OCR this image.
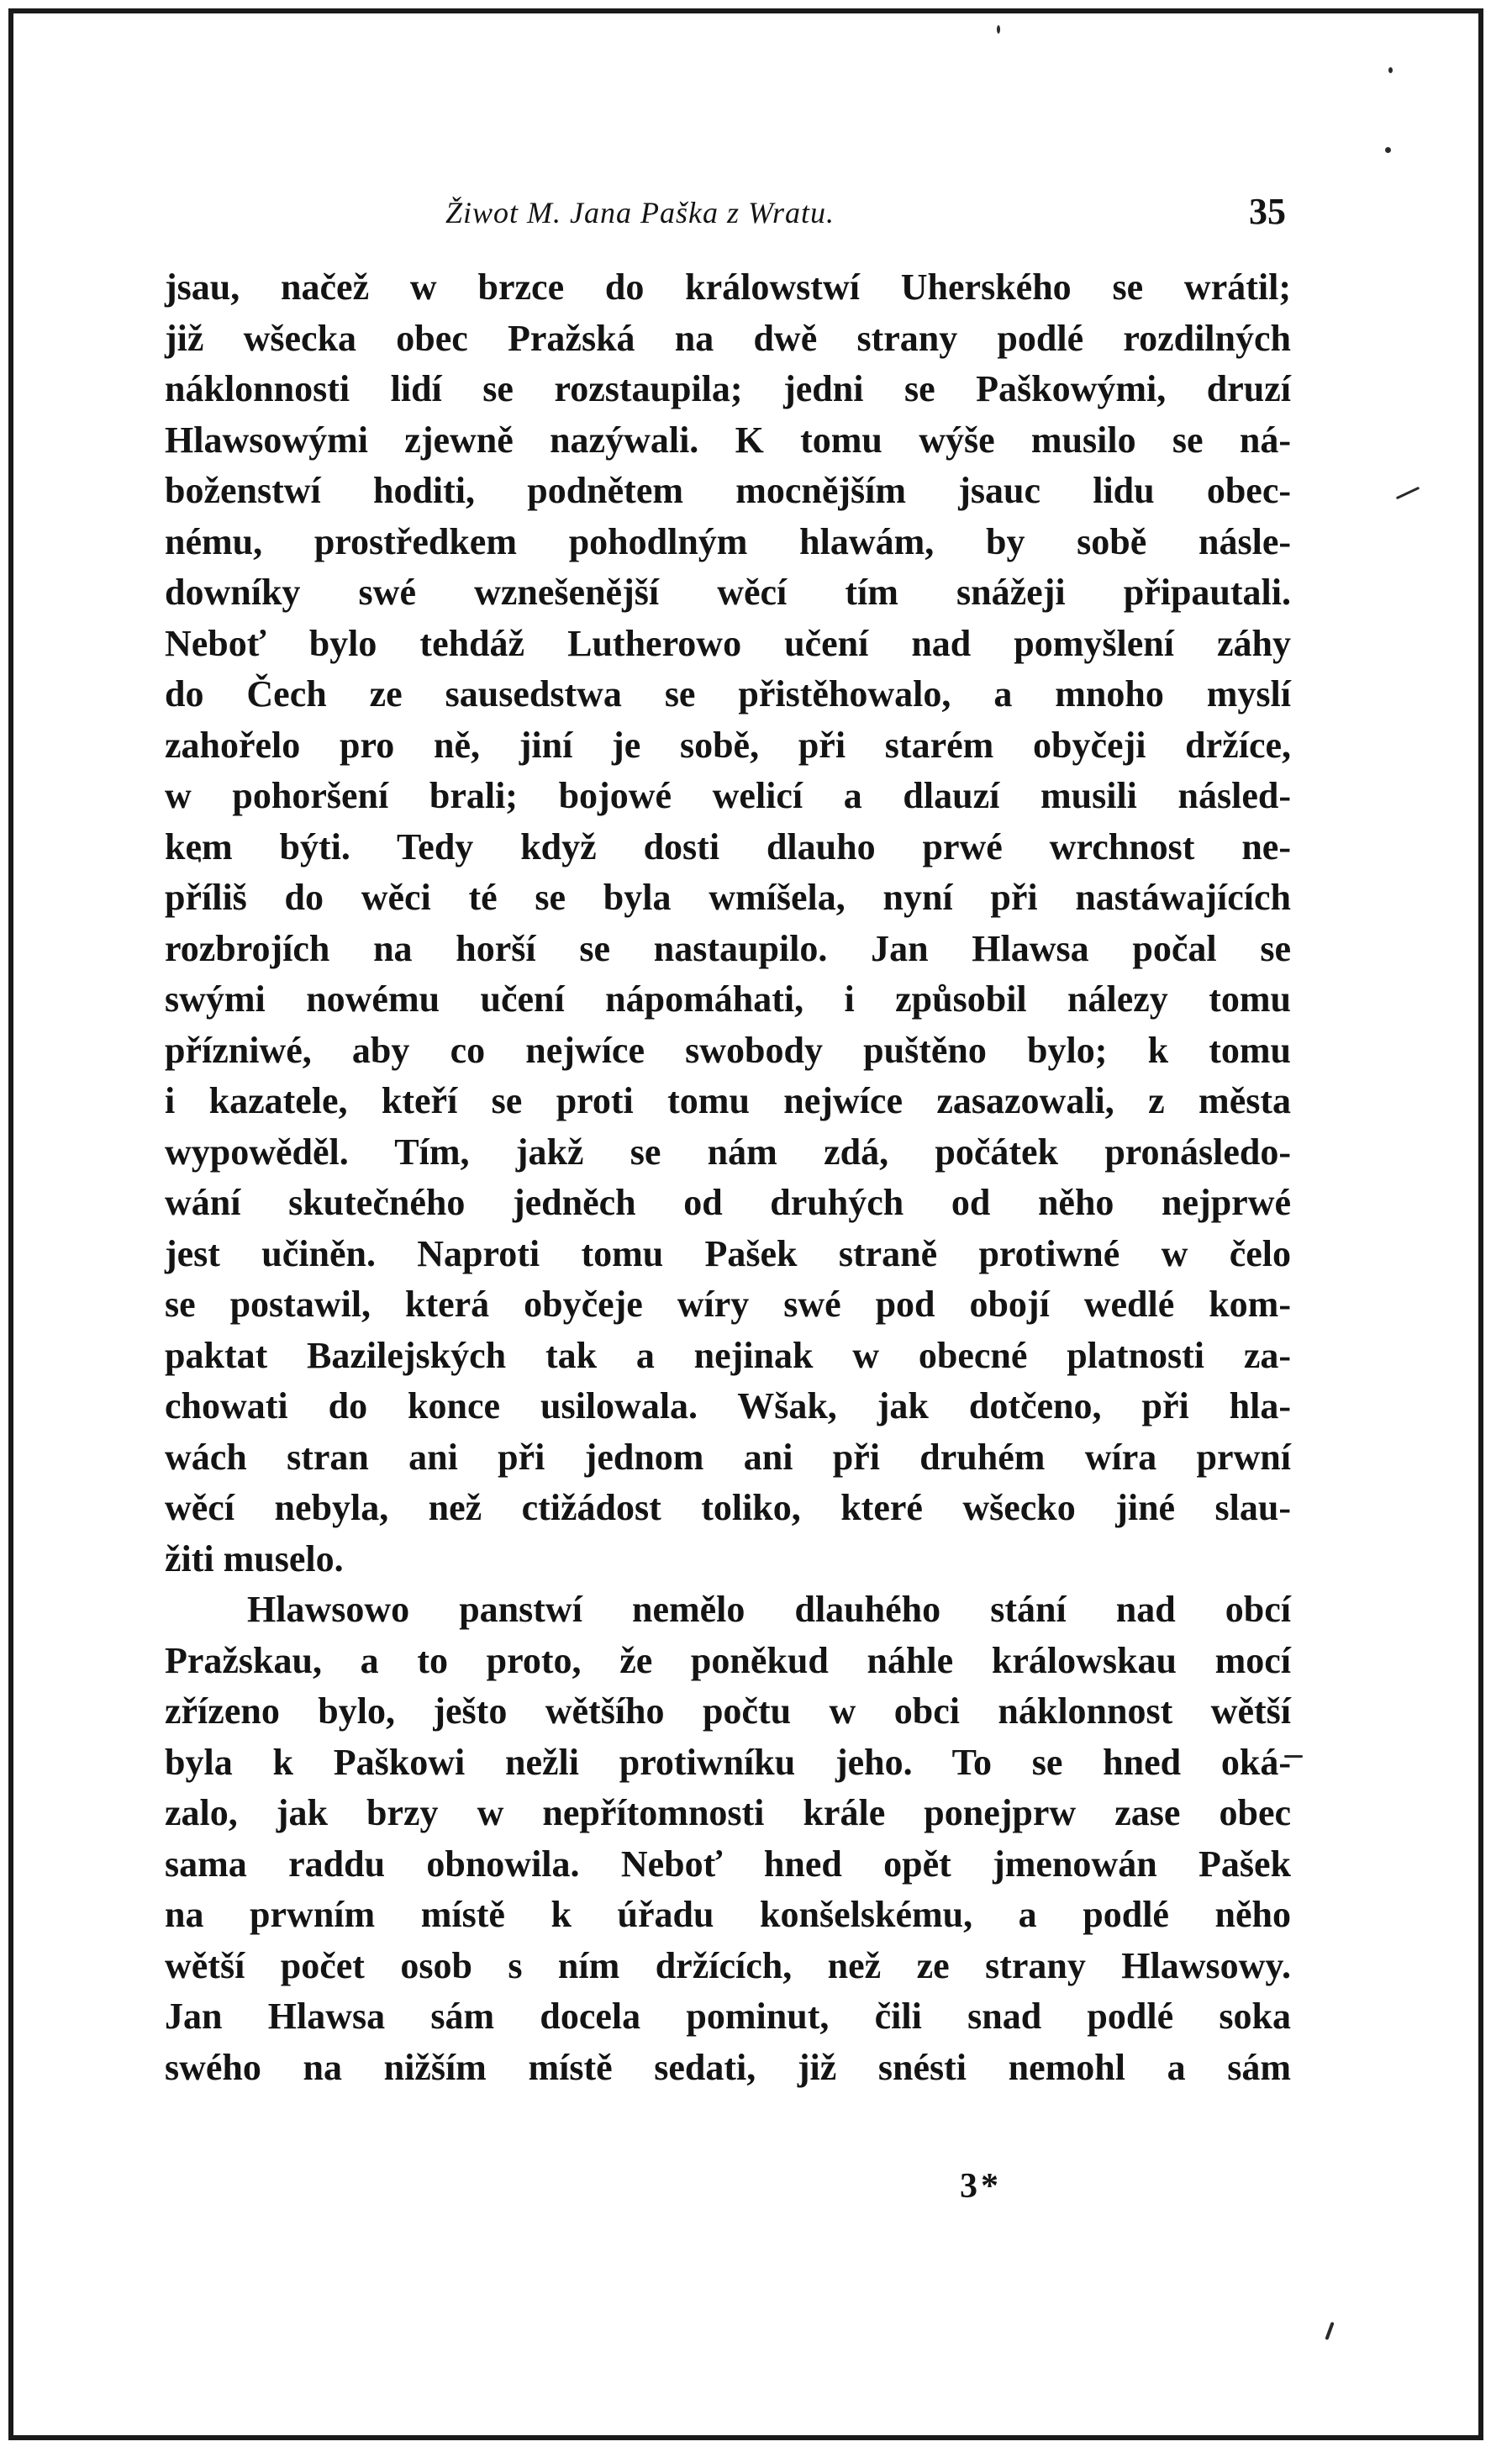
Žiwot M. Jana Paška z Wratu.	35
jsau, načež w brzce do králowstwí Uherského se wrátil;
již wšecka obec Pražská na dwě strany podlé rozdilných
náklonnosti lidí se rozstaupila; jedni se Paškowými, druzí
Hlawsowými zjewně nazýwali. K tomu wýše musilo se ná-
boženstwí hoditi, podnětem mocnějším jsauc lidu obec-
nému, prostředkem pohodlným hlawám, by sobě násle-
downíky swé wznešenější wěcí tím snážeji připautali.
Neboť bylo tehdáž Lutherowo učení nad pomyšlení záhy
do Čech ze sausedstwa se přistěhowalo, a mnoho myslí
zahořelo pro ně, jiní je sobě, při starém obyčeji držíce,
w pohoršení brali; bojowé welicí a dlauzí musili násled-
kem býti. Tedy když dosti dlauho prwé wrchnost ne-
příliš do wěci té se byla wmíšela, nyní při nastáwajících
rozbrojích na horší se nastaupilo. Jan Hlawsa počal se
swými nowému učení nápomáhati, i způsobil nálezy tomu
přízniwé, aby co nejwíce swobody puštěno bylo; k tomu
i kazatele, kteří se proti tomu nejwíce zasazowali, z města
wypowěděl. Tím, jakž se nám zdá, počátek pronásledo-
wání skutečného jedněch od druhých od něho nejprwé
jest učiněn. Naproti tomu Pašek straně protiwné w čelo
se postawil, která obyčeje wíry swé pod obojí wedlé kom-
paktat Bazilejských tak a nejinak w obecné platnosti za-
chowati do konce usilowala. Wšak, jak dotčeno, při hla-
wách stran ani při jednom ani při druhém wíra prwní
wěcí nebyla, než ctižádost toliko, které wšecko jiné slau-
žiti muselo.
Hlawsowo panstwí nemělo dlauhého stání nad obcí
Pražskau, a to proto, že poněkud náhle králowskau mocí
zřízeno bylo, ješto wětšího počtu w obci náklonnost wětší
byla k Paškowi nežli protiwníku jeho. To se hned oká-
zalo, jak brzy w nepřítomnosti krále ponejprw zase obec
sama raddu obnowila. Neboť hned opět jmenowán Pašek
na prwním místě k úřadu konšelskému, a podlé něho
wětší počet osob s ním držících, než ze strany Hlawsowy.
Jan Hlawsa sám docela pominut, čili snad podlé soka
swého na nižším místě sedati, již snésti nemohl a sám
3*
